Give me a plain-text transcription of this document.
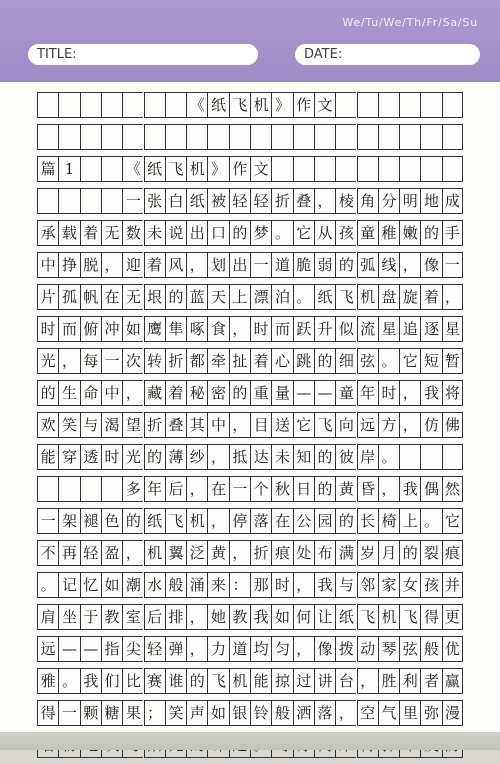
We/Tu/We/Th/Fr/Sa/Su
TITLE:	DATE:
《 纸 飞 机 》 作 文
篇 1	《 纸 飞 机 》 作 文
一 张 白 纸 被 轻 轻 折 叠 ， 棱 角 分 明 地 成
承 载 着 无 数 未 说 出 口 的 梦 。 它 从 孩 童 稚 嫩 的 手
中 挣 脱 ， 迎 着 风 ， 划 出 一 道 脆 弱 的 弧 线 ， 像 一
片 孤 帆 在 无 垠 的 蓝 天 上 漂 泊 。 纸 飞 机 盘 旋 着 ，
时 而 俯 冲 如 鹰 隼 啄 食 ， 时 而 跃 升 似 流 星 追 逐 星
光 ， 每 一 次 转 折 都 牵 扯 着 心 跳 的 细 弦 。 它 短 暂
的 生 命 中 ， 藏 着 秘 密 的 重 量 — — 童 年 时 ， 我 将
欢 笑 与 渴 望 折 叠 其 中 ， 目 送 它 飞 向 远 方 ， 仿 佛
能 穿 透 时 光 的 薄 纱 ， 抵 达 未 知 的 彼 岸 。
多 年 后 ， 在 一 个 秋 日 的 黄 昏 ， 我 偶 然
一 架 褪 色 的 纸 飞 机 ， 停 落 在 公 园 的 长 椅 上 。 它
不 再 轻 盈 ， 机 翼 泛 黄 ， 折 痕 处 布 满 岁 月 的 裂 痕
。 记 忆 如 潮 水 般 涌 来 ： 那 时 ， 我 与 邻 家 女 孩 并
肩 坐 于 教 室 后 排 ， 她 教 我 如 何 让 纸 飞 机 飞 得 更
远 — — 指 尖 轻 弹 ， 力 道 均 匀 ， 像 拨 动 琴 弦 般 优
雅 。 我 们 比 赛 谁 的 飞 机 能 掠 过 讲 台 ， 胜 利 者 赢
得 一 颗 糖 果 ； 笑 声 如 银 铃 般 洒 落 ， 空 气 里 弥 漫
